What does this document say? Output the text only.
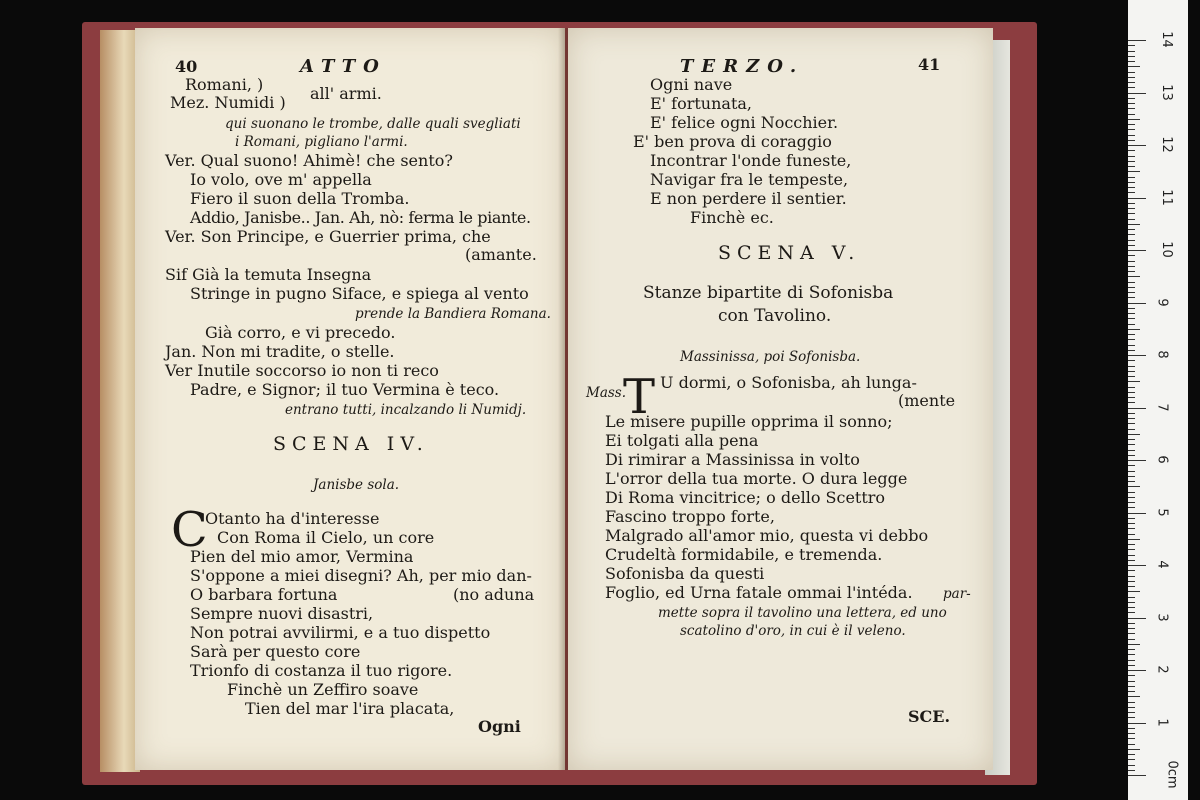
40	ATTO
Romani, )
Mez. Numidi ) all' armi.
qui suonano le trombe, dalle quali svegliati
i Romani, pigliano l'armi.
Ver. Qual suono! Ahimè! che sento?
Io volo, ove m' appella
Fiero il suon della Tromba.
Addio, Janisbe.. Jan. Ah, nò: ferma le piante.
Ver. Son Principe, e Guerrier prima, che
(amante.
Sif Già la temuta Insegna
Stringe in pugno Siface, e spiega al vento
prende la Bandiera Romana.
Già corro, e vi precedo.
Jan. Non mi tradite, o stelle.
Ver Inutile soccorso io non ti reco
Padre, e Signor; il tuo Vermina è teco.
entrano tutti, incalzando li Numidj.
SCENA IV.
Janisbe sola.
C
Otanto ha d'interesse
Con Roma il Cielo, un core
Pien del mio amor, Vermina
S'oppone a miei disegni? Ah, per mio dan-
O barbara fortuna	(no aduna
Sempre nuovi disastri,
Non potrai avvilirmi, e a tuo dispetto
Sarà per questo core
Trionfo di costanza il tuo rigore.
Finchè un Zeffiro soave
Tien del mar l'ira placata,
Ogni
TERZO.	41
Ogni nave
E' fortunata,
E' felice ogni Nocchier.
E' ben prova di coraggio
Incontrar l'onde funeste,
Navigar fra le tempeste,
E non perdere il sentier.
Finchè ec.
SCENA V.
Stanze bipartite di Sofonisba
con Tavolino.
Massinissa, poi Sofonisba.
Mass.
T U dormi, o Sofonisba, ah lunga-
(mente
Le misere pupille opprima il sonno;
Ei tolgati alla pena
Di rimirar a Massinissa in volto
L'orror della tua morte. O dura legge
Di Roma vincitrice; o dello Scettro
Fascino troppo forte,
Malgrado all'amor mio, questa vi debbo
Crudeltà formidabile, e tremenda.
Sofonisba da questi
Foglio, ed Urna fatale ommai l'intéda. par-
mette sopra il tavolino una lettera, ed uno
scatolino d'oro, in cui è il veleno.
SCE.
14
13
12
11
10
9
8
7
6
5
4
3
2
1
0cm
